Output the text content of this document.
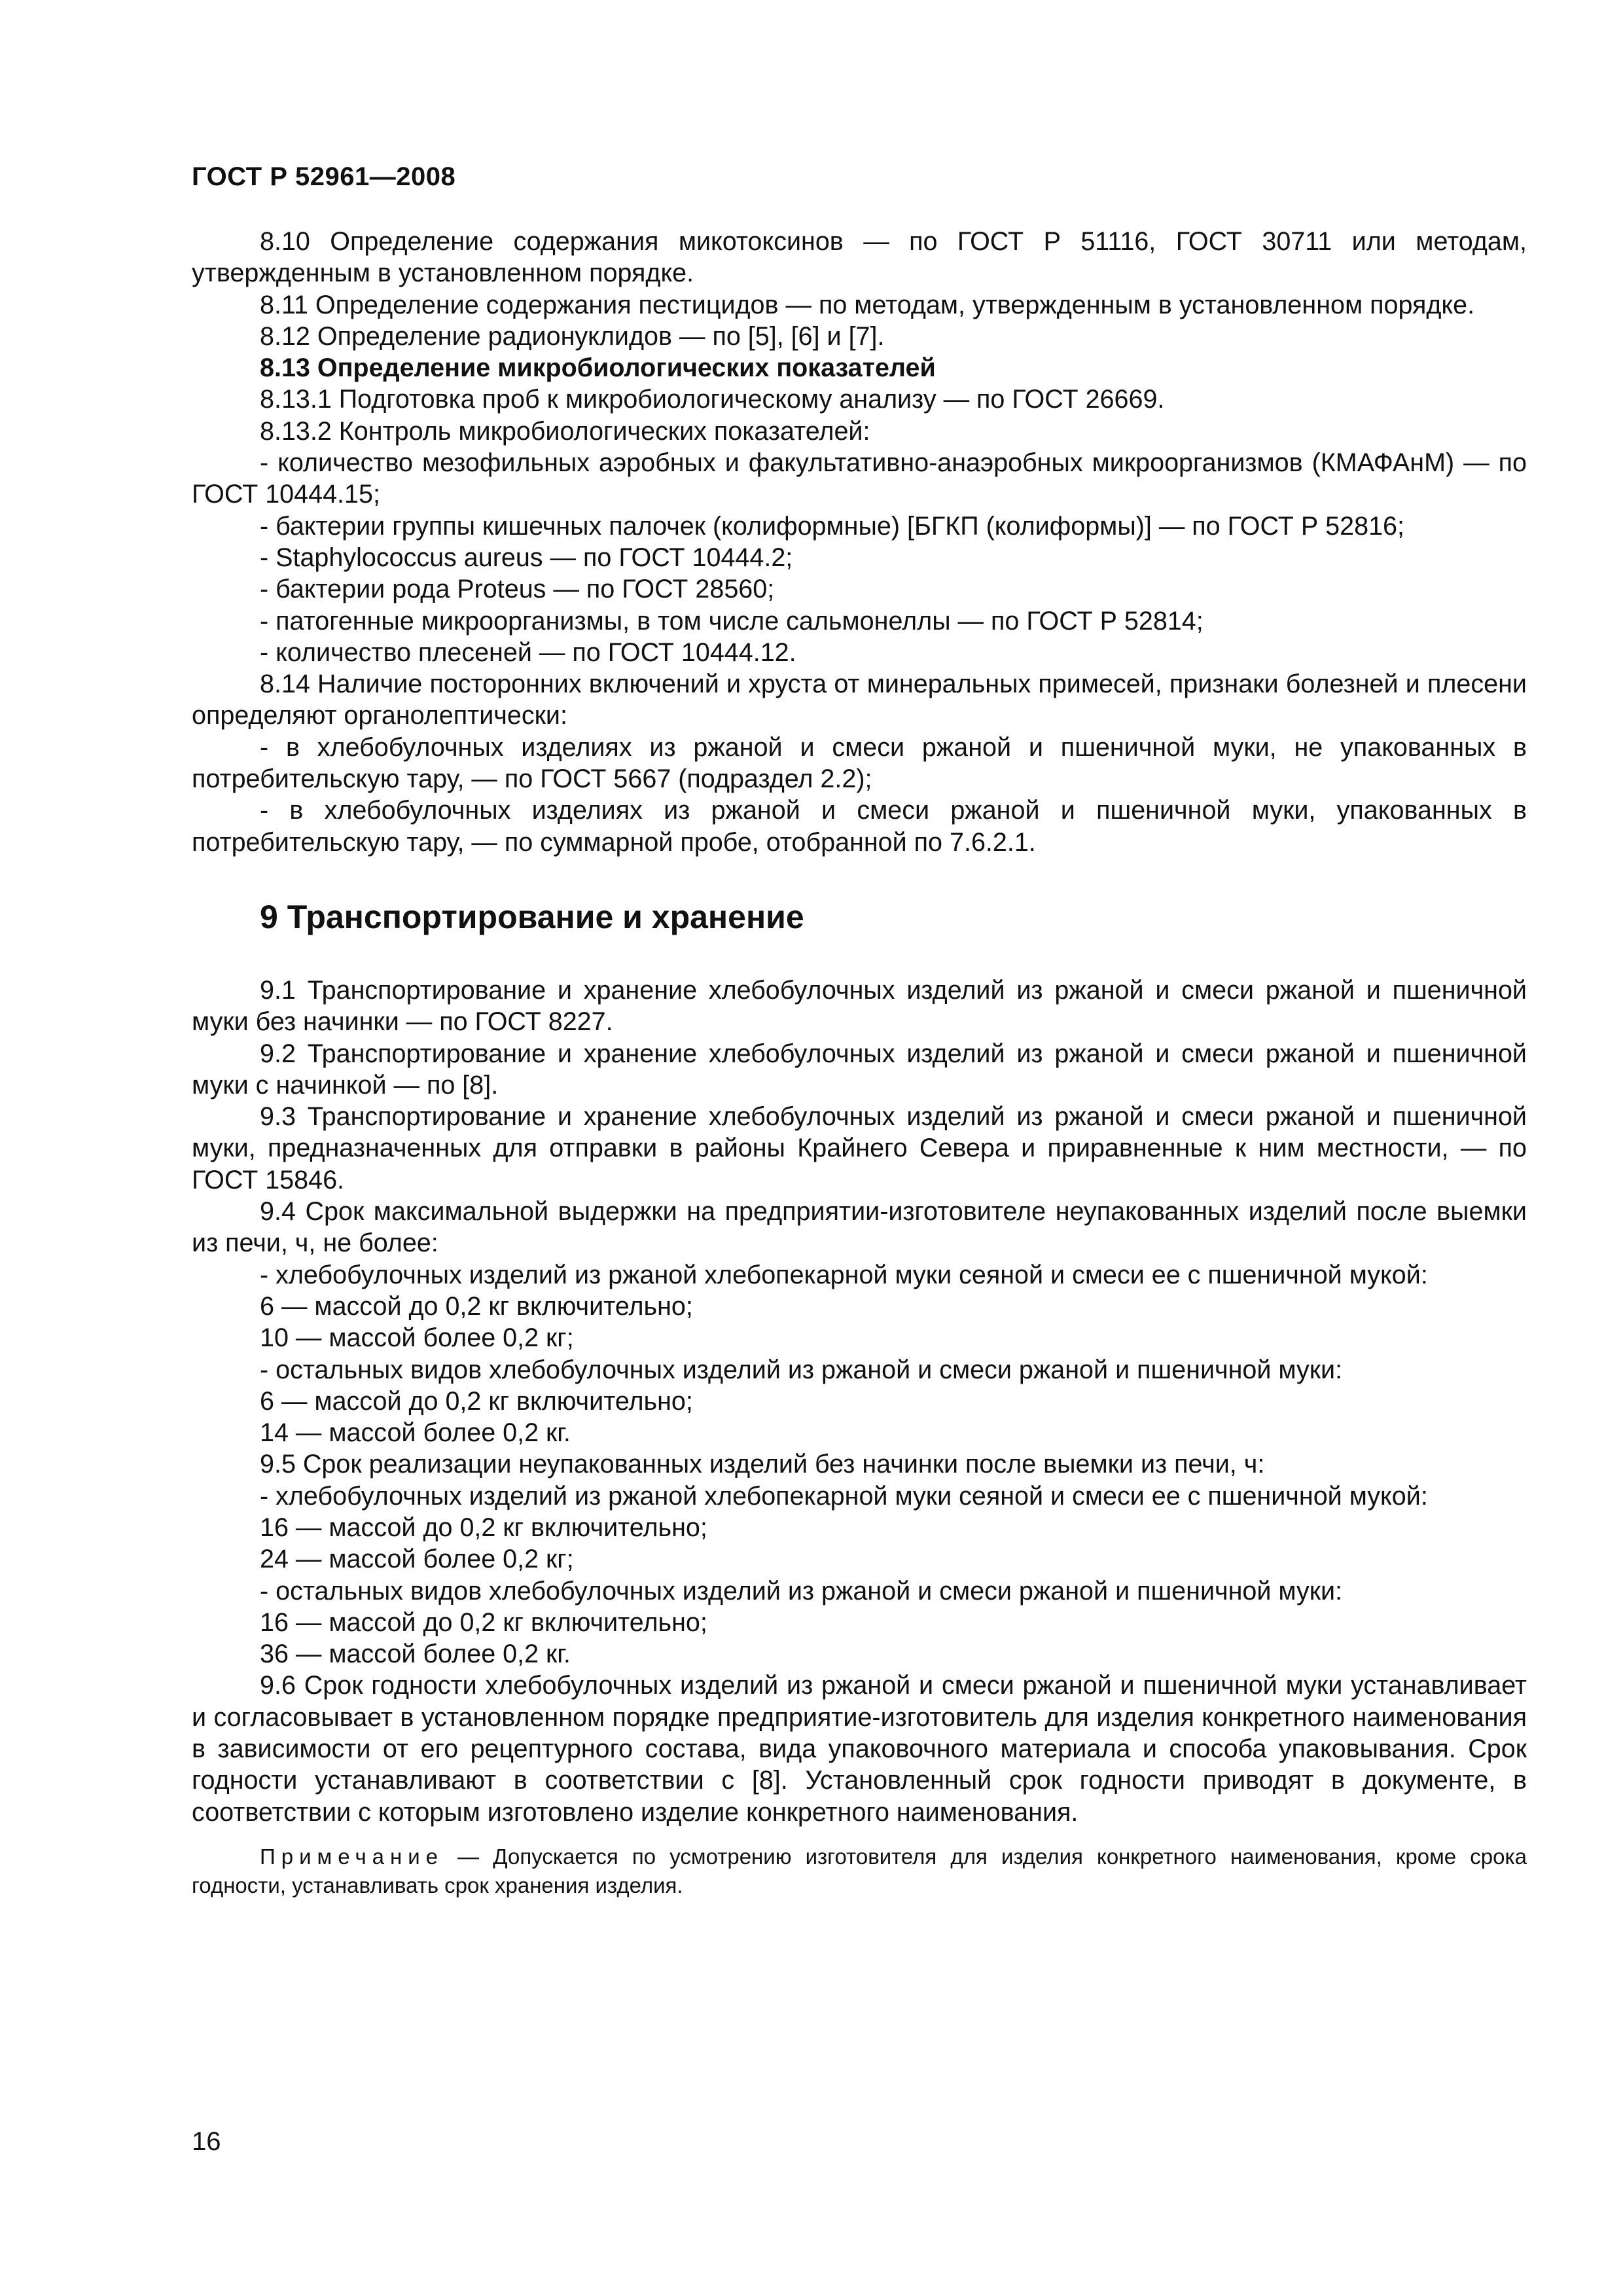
ГОСТ Р 52961—2008

8.10 Определение содержания микотоксинов — по ГОСТ Р 51116, ГОСТ 30711 или методам, утвержденным в установленном порядке.

8.11 Определение содержания пестицидов — по методам, утвержденным в установленном порядке.

8.12 Определение радионуклидов — по [5], [6] и [7].

8.13 Определение микробиологических показателей

8.13.1 Подготовка проб к микробиологическому анализу — по ГОСТ 26669.

8.13.2 Контроль микробиологических показателей:

- количество мезофильных аэробных и факультативно-анаэробных микроорганизмов (КМАФАнМ) — по ГОСТ 10444.15;

- бактерии группы кишечных палочек (колиформные) [БГКП (колиформы)] — по ГОСТ Р 52816;

- Staphylococcus aureus — по ГОСТ 10444.2;

- бактерии рода Proteus — по ГОСТ 28560;

- патогенные микроорганизмы, в том числе сальмонеллы — по ГОСТ Р 52814;

- количество плесеней — по ГОСТ 10444.12.

8.14 Наличие посторонних включений и хруста от минеральных примесей, признаки болезней и плесени определяют органолептически:

- в хлебобулочных изделиях из ржаной и смеси ржаной и пшеничной муки, не упакованных в потребительскую тару, — по ГОСТ 5667 (подраздел 2.2);

- в хлебобулочных изделиях из ржаной и смеси ржаной и пшеничной муки, упакованных в потребительскую тару, — по суммарной пробе, отобранной по 7.6.2.1.

9 Транспортирование и хранение

9.1 Транспортирование и хранение хлебобулочных изделий из ржаной и смеси ржаной и пшеничной муки без начинки — по ГОСТ 8227.

9.2 Транспортирование и хранение хлебобулочных изделий из ржаной и смеси ржаной и пшеничной муки с начинкой — по [8].

9.3 Транспортирование и хранение хлебобулочных изделий из ржаной и смеси ржаной и пшеничной муки, предназначенных для отправки в районы Крайнего Севера и приравненные к ним местности, — по ГОСТ 15846.

9.4 Срок максимальной выдержки на предприятии-изготовителе неупакованных изделий после выемки из печи, ч, не более:

- хлебобулочных изделий из ржаной хлебопекарной муки сеяной и смеси ее с пшеничной мукой:

6 — массой до 0,2 кг включительно;

10 — массой более 0,2 кг;

- остальных видов хлебобулочных изделий из ржаной и смеси ржаной и пшеничной муки:

6 — массой до 0,2 кг включительно;

14 — массой более 0,2 кг.

9.5 Срок реализации неупакованных изделий без начинки после выемки из печи, ч:

- хлебобулочных изделий из ржаной хлебопекарной муки сеяной и смеси ее с пшеничной мукой:

16 — массой до 0,2 кг включительно;

24 — массой более 0,2 кг;

- остальных видов хлебобулочных изделий из ржаной и смеси ржаной и пшеничной муки:

16 — массой до 0,2 кг включительно;

36 — массой более 0,2 кг.

9.6 Срок годности хлебобулочных изделий из ржаной и смеси ржаной и пшеничной муки устанавливает и согласовывает в установленном порядке предприятие-изготовитель для изделия конкретного наименования в зависимости от его рецептурного состава, вида упаковочного материала и способа упаковывания. Срок годности устанавливают в соответствии с [8]. Установленный срок годности приводят в документе, в соответствии с которым изготовлено изделие конкретного наименования.

Примечание — Допускается по усмотрению изготовителя для изделия конкретного наименования, кроме срока годности, устанавливать срок хранения изделия.

16
